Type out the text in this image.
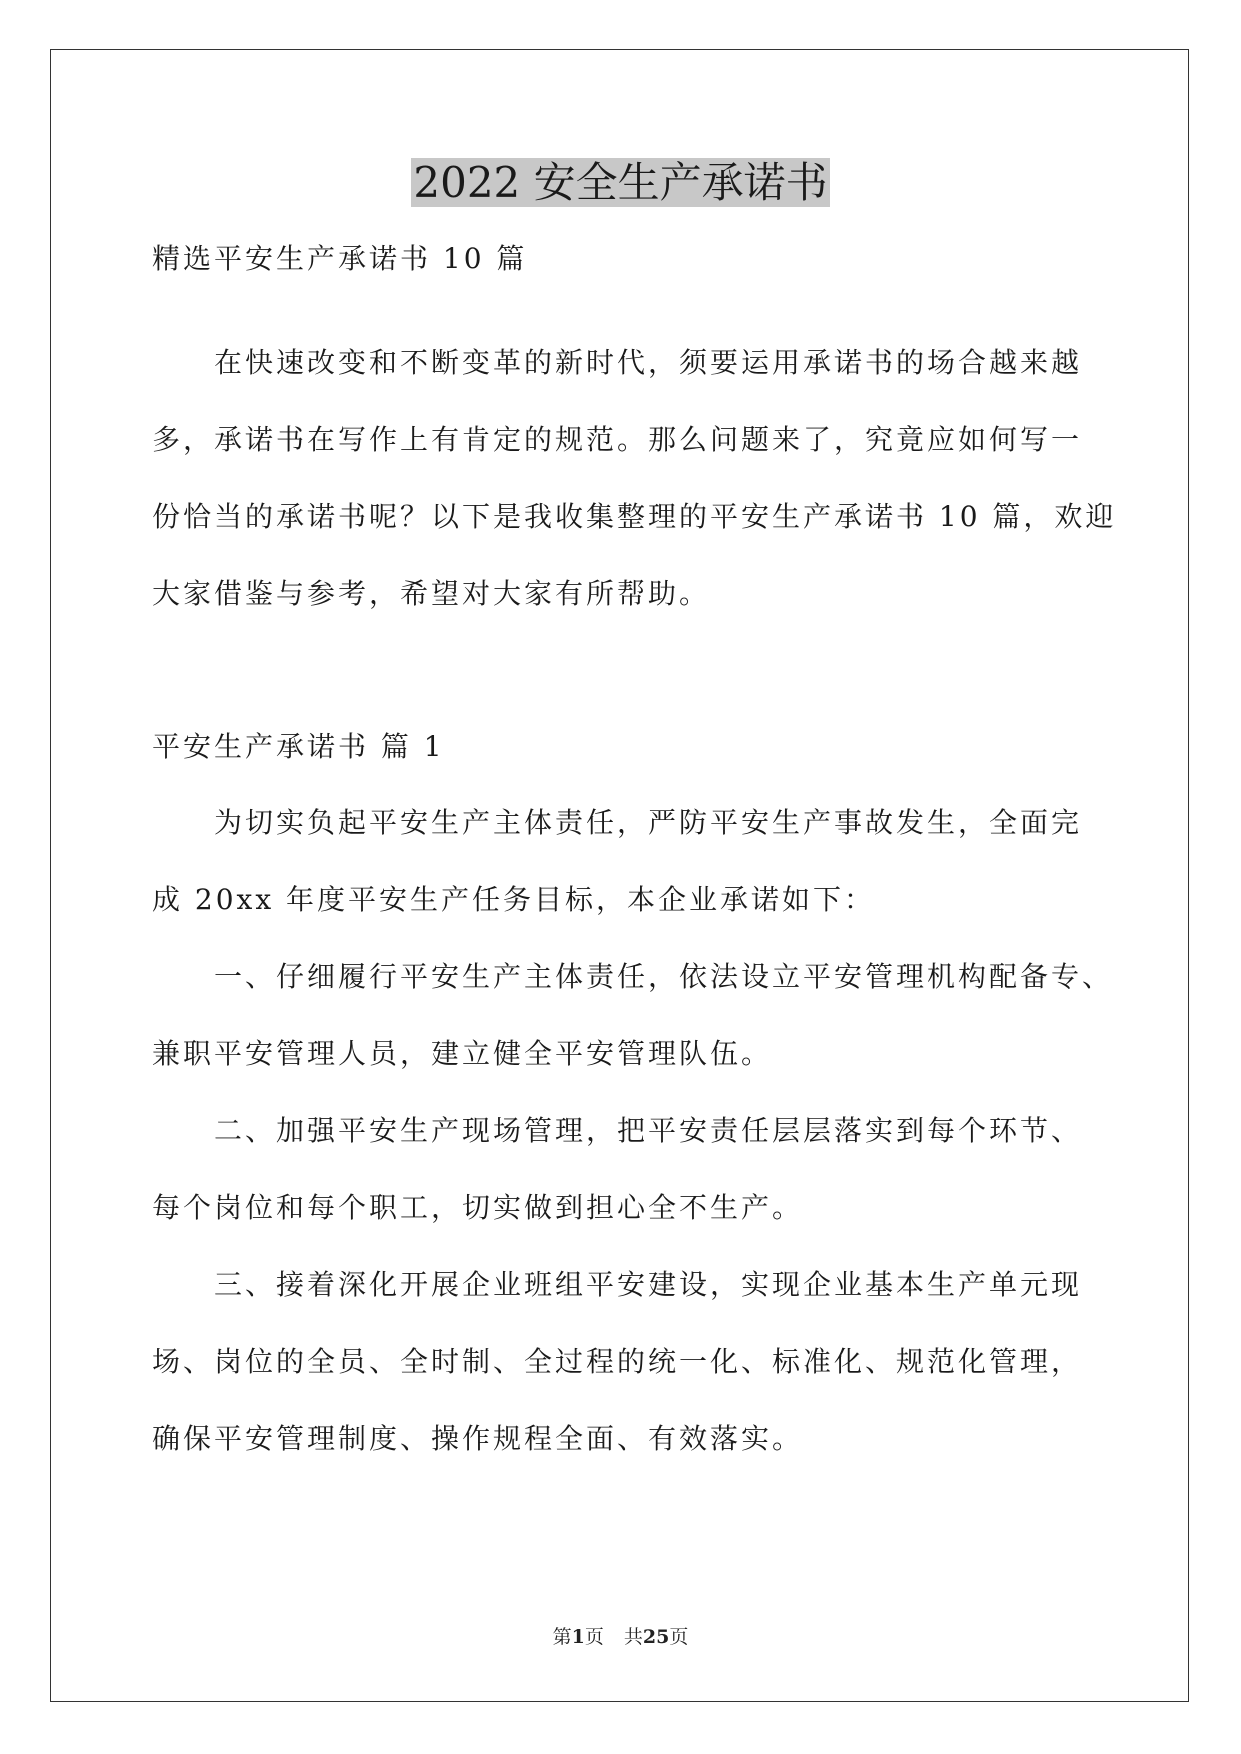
2022 安全生产承诺书
精选平安生产承诺书 10 篇
在快速改变和不断变革的新时代，须要运用承诺书的场合越来越
多，承诺书在写作上有肯定的规范。那么问题来了，究竟应如何写一
份恰当的承诺书呢？以下是我收集整理的平安生产承诺书 10 篇，欢迎
大家借鉴与参考，希望对大家有所帮助。
平安生产承诺书 篇 1
为切实负起平安生产主体责任，严防平安生产事故发生，全面完
成 20xx 年度平安生产任务目标，本企业承诺如下：
一、仔细履行平安生产主体责任，依法设立平安管理机构配备专、
兼职平安管理人员，建立健全平安管理队伍。
二、加强平安生产现场管理，把平安责任层层落实到每个环节、
每个岗位和每个职工，切实做到担心全不生产。
三、接着深化开展企业班组平安建设，实现企业基本生产单元现
场、岗位的全员、全时制、全过程的统一化、标准化、规范化管理，
确保平安管理制度、操作规程全面、有效落实。
第1页 共25页
